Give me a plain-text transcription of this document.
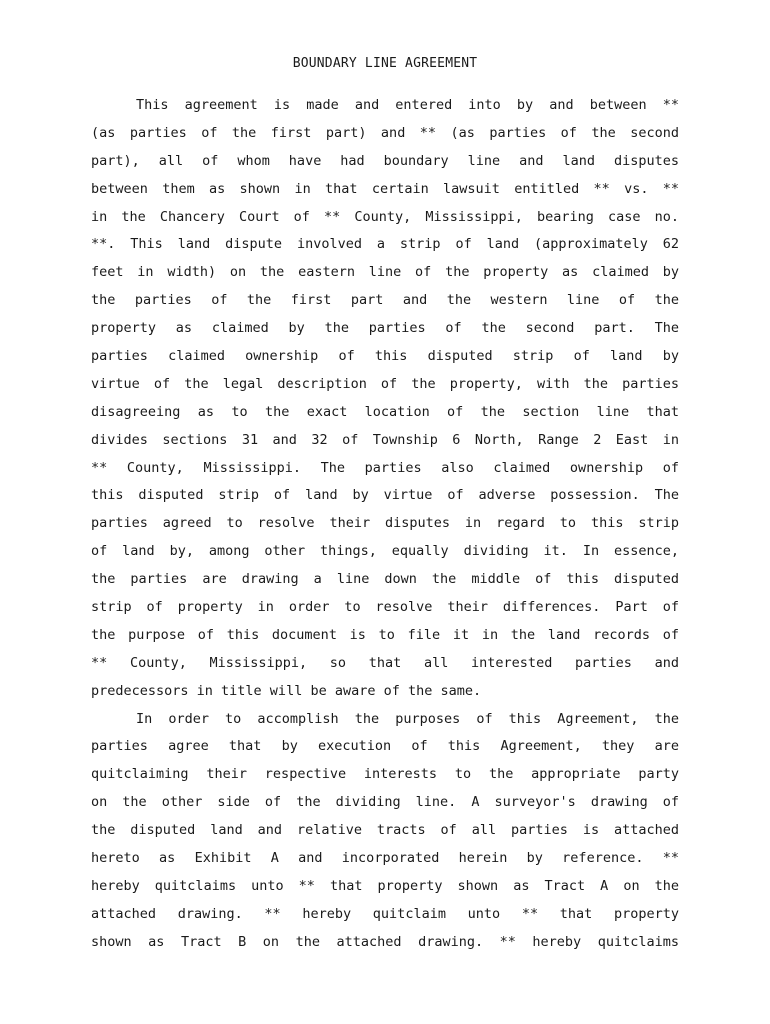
BOUNDARY LINE AGREEMENT
This agreement is made and entered into by and between **
(as parties of the first part) and ** (as parties of the second
part), all of whom have had boundary line and land disputes
between them as shown in that certain lawsuit entitled ** vs. **
in the Chancery Court of ** County, Mississippi, bearing case no.
**. This land dispute involved a strip of land (approximately 62
feet in width) on the eastern line of the property as claimed by
the parties of the first part and the western line of the
property as claimed by the parties of the second part. The
parties claimed ownership of this disputed strip of land by
virtue of the legal description of the property, with the parties
disagreeing as to the exact location of the section line that
divides sections 31 and 32 of Township 6 North, Range 2 East in
** County, Mississippi. The parties also claimed ownership of
this disputed strip of land by virtue of adverse possession. The
parties agreed to resolve their disputes in regard to this strip
of land by, among other things, equally dividing it. In essence,
the parties are drawing a line down the middle of this disputed
strip of property in order to resolve their differences. Part of
the purpose of this document is to file it in the land records of
** County, Mississippi, so that all interested parties and
predecessors in title will be aware of the same.
In order to accomplish the purposes of this Agreement, the
parties agree that by execution of this Agreement, they are
quitclaiming their respective interests to the appropriate party
on the other side of the dividing line. A surveyor's drawing of
the disputed land and relative tracts of all parties is attached
hereto as Exhibit A and incorporated herein by reference. **
hereby quitclaims unto ** that property shown as Tract A on the
attached drawing. ** hereby quitclaim unto ** that property
shown as Tract B on the attached drawing. ** hereby quitclaims
